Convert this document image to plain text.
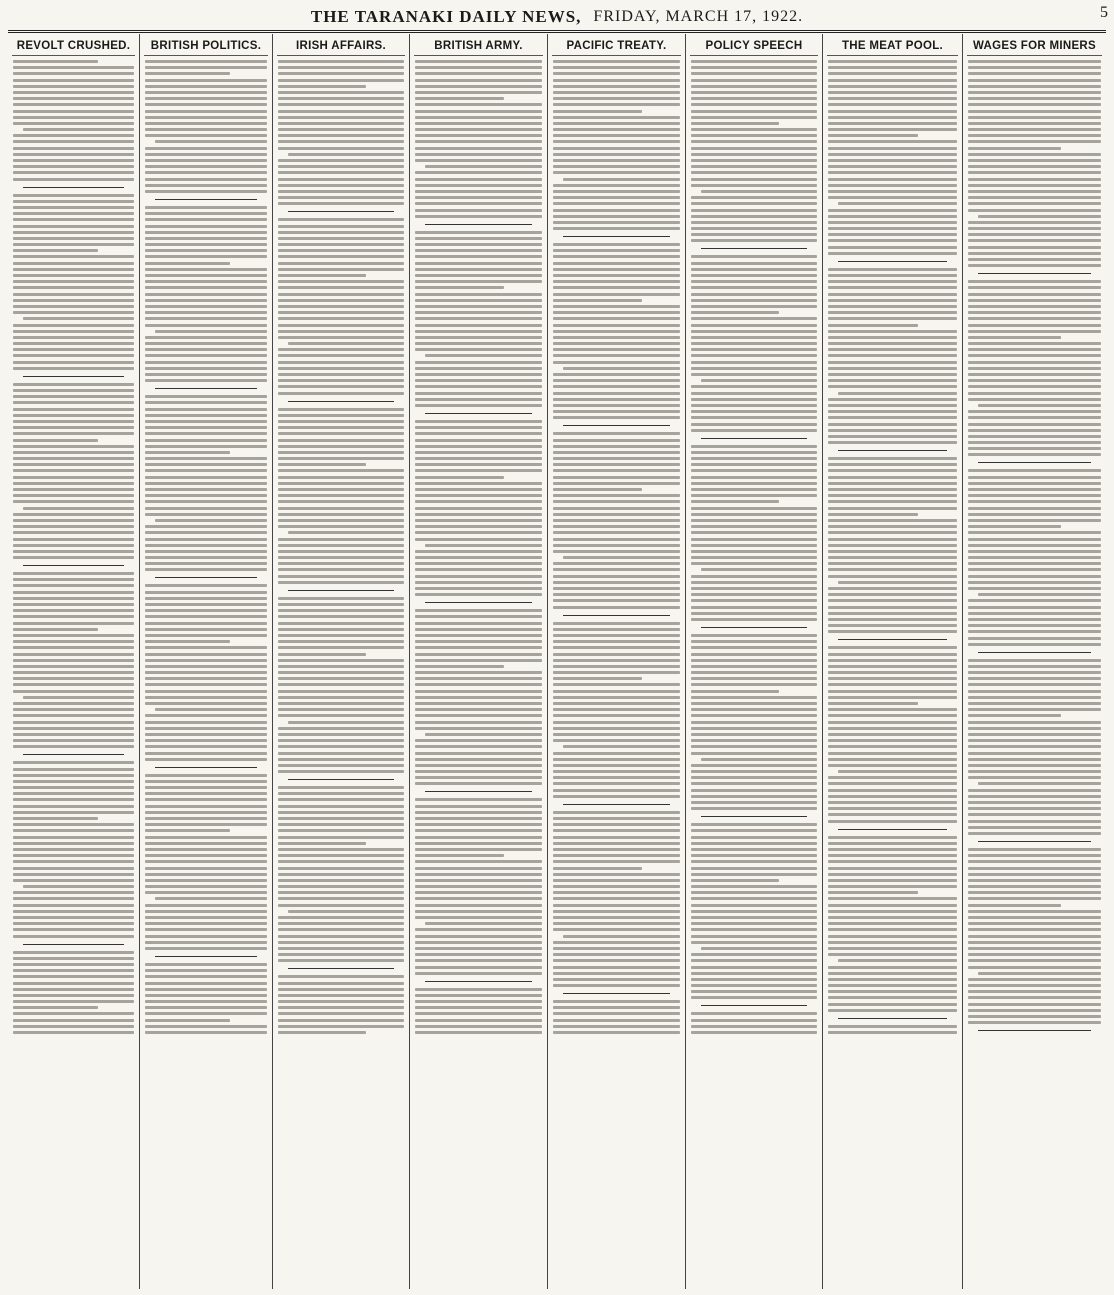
THE TARANAKI DAILY NEWS, FRIDAY, MARCH 17, 1922.	5
REVOLT CRUSHED.	BRITISH POLITICS.	IRISH AFFAIRS.	BRITISH ARMY.	PACIFIC TREATY.	POLICY SPEECH	THE MEAT POOL.	WAGES FOR MINERS
